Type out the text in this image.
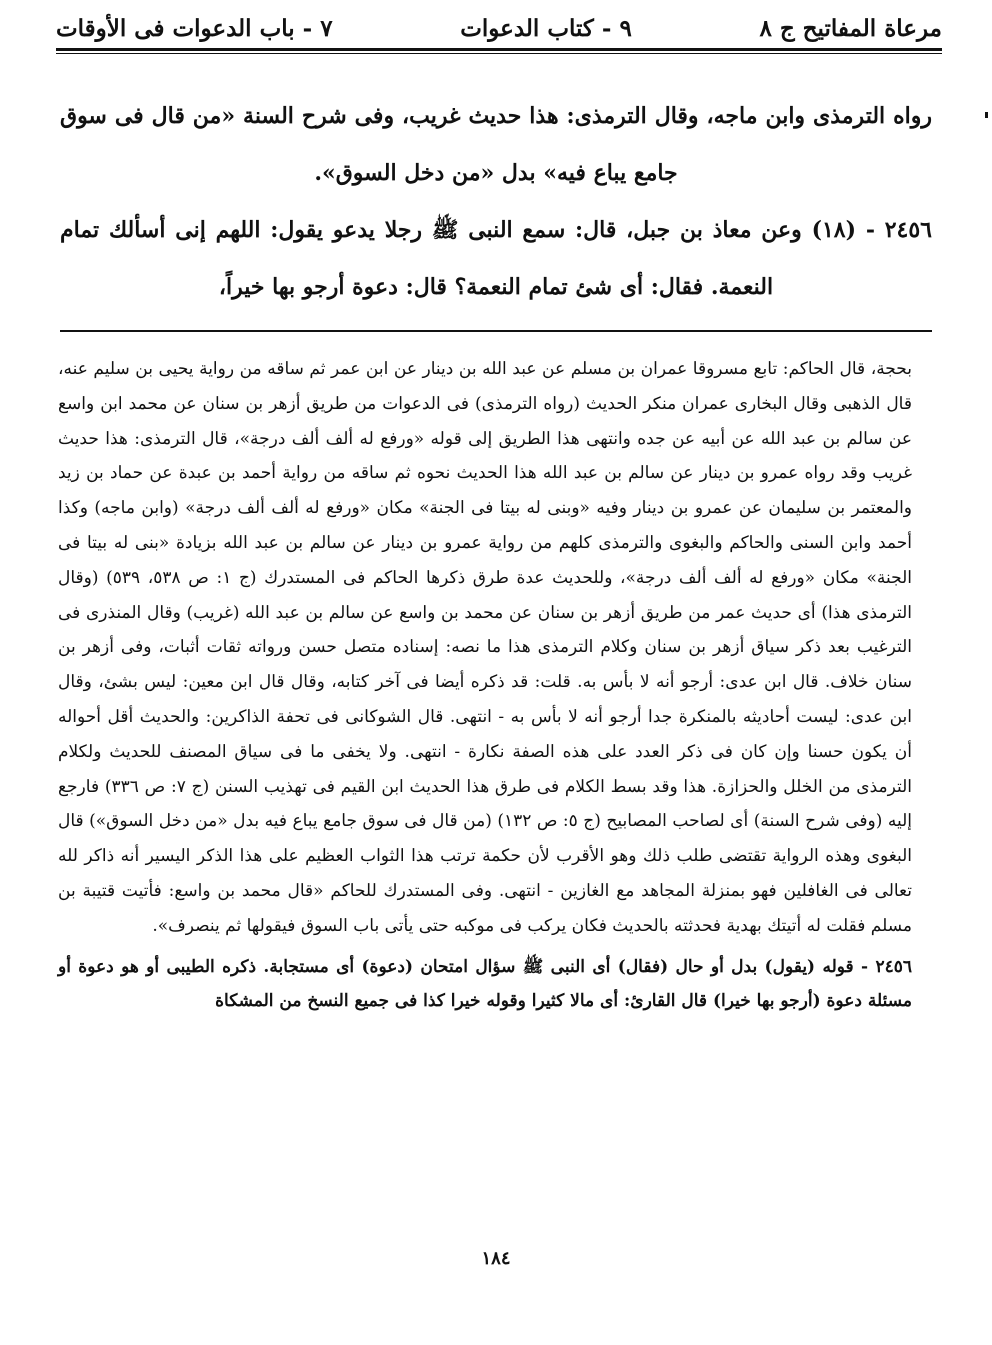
مرعاة المفاتيح ج ٨
٩ - كتاب الدعوات
٧ - باب الدعوات فى الأوقات

رواه الترمذى وابن ماجه، وقال الترمذى: هذا حديث غريب، وفى شرح السنة «من قال فى سوق جامع يباع فيه» بدل «من دخل السوق».

٢٤٥٦ - (١٨) وعن معاذ بن جبل، قال: سمع النبى ﷺ رجلا يدعو يقول: اللهم إنى أسألك تمام النعمة. فقال: أى شئ تمام النعمة؟ قال: دعوة أرجو بها خيراً،

بحجة، قال الحاكم: تابع مسروقا عمران بن مسلم عن عبد الله بن دينار عن ابن عمر ثم ساقه من رواية يحيى بن سليم عنه، قال الذهبى وقال البخارى عمران منكر الحديث (رواه الترمذى) فى الدعوات من طريق أزهر بن سنان عن محمد ابن واسع عن سالم بن عبد الله عن أبيه عن جده وانتهى هذا الطريق إلى قوله «ورفع له ألف ألف درجة»، قال الترمذى: هذا حديث غريب وقد رواه عمرو بن دينار عن سالم بن عبد الله هذا الحديث نحوه ثم ساقه من رواية أحمد بن عبدة عن حماد بن زيد والمعتمر بن سليمان عن عمرو بن دينار وفيه «وبنى له بيتا فى الجنة» مكان «ورفع له ألف ألف درجة» (وابن ماجه) وكذا أحمد وابن السنى والحاكم والبغوى والترمذى كلهم من رواية عمرو بن دينار عن سالم بن عبد الله بزيادة «بنى له بيتا فى الجنة» مكان «ورفع له ألف ألف درجة»، وللحديث عدة طرق ذكرها الحاكم فى المستدرك (ج ١: ص ٥٣٨، ٥٣٩) (وقال الترمذى هذا) أى حديث عمر من طريق أزهر بن سنان عن محمد بن واسع عن سالم بن عبد الله (غريب) وقال المنذرى فى الترغيب بعد ذكر سياق أزهر بن سنان وكلام الترمذى هذا ما نصه: إسناده متصل حسن ورواته ثقات أثبات، وفى أزهر بن سنان خلاف. قال ابن عدى: أرجو أنه لا بأس به. قلت: قد ذكره أيضا فى آخر كتابه، وقال قال ابن معين: ليس بشئ، وقال ابن عدى: ليست أحاديثه بالمنكرة جدا أرجو أنه لا بأس به - انتهى. قال الشوكانى فى تحفة الذاكرين: والحديث أقل أحواله أن يكون حسنا وإن كان فى ذكر العدد على هذه الصفة نكارة - انتهى. ولا يخفى ما فى سياق المصنف للحديث ولكلام الترمذى من الخلل والحزازة. هذا وقد بسط الكلام فى طرق هذا الحديث ابن القيم فى تهذيب السنن (ج ٧: ص ٣٣٦) فارجع إليه (وفى شرح السنة) أى لصاحب المصابيح (ج ٥: ص ١٣٢) (من قال فى سوق جامع يباع فيه بدل «من دخل السوق») قال البغوى وهذه الرواية تقتضى طلب ذلك وهو الأقرب لأن حكمة ترتب هذا الثواب العظيم على هذا الذكر اليسير أنه ذاكر لله تعالى فى الغافلين فهو بمنزلة المجاهد مع الغازين - انتهى. وفى المستدرك للحاكم «قال محمد بن واسع: فأتيت قتيبة بن مسلم فقلت له أتيتك بهدية فحدثته بالحديث فكان يركب فى موكبه حتى يأتى باب السوق فيقولها ثم ينصرف».

٢٤٥٦ - قوله (يقول) بدل أو حال (فقال) أى النبى ﷺ سؤال امتحان (دعوة) أى مستجابة. ذكره الطيبى أو هو دعوة أو مسئلة دعوة (أرجو بها خيرا) قال القارئ: أى مالا كثيرا وقوله خيرا كذا فى جميع النسخ من المشكاة

١٨٤
